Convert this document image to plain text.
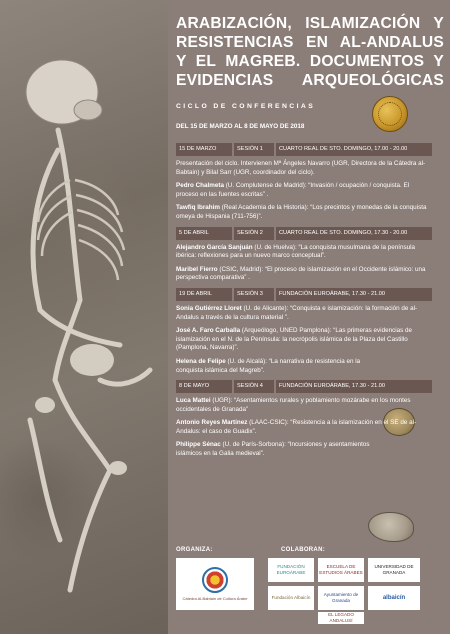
ARABIZACIÓN, ISLAMIZACIÓN Y
RESISTENCIAS EN AL-ANDALUS
Y EL MAGREB. DOCUMENTOS Y
EVIDENCIAS ARQUEOLÓGICAS
CICLO DE CONFERENCIAS
DEL 15 DE MARZO AL 8 DE MAYO DE 2018
15 DE MARZO	SESIÓN 1	CUARTO REAL DE STO. DOMINGO, 17.00 - 20.00

Presentación del ciclo. Intervienen Mª Ángeles Navarro (UGR, Directora de la Cátedra al-Babtain) y Bilal Sarr (UGR, coordinador del ciclo).

Pedro Chalmeta (U. Complutense de Madrid): “Invasión / ocupación / conquista. El proceso en las fuentes escritas” .

Tawfiq Ibrahim (Real Academia de la Historia): “Los precintos y monedas de la conquista omeya de Hispania (711-756)”.

5 DE ABRIL	SESIÓN 2	CUARTO REAL DE STO. DOMINGO, 17.30 - 20.00

Alejandro García Sanjuán (U. de Huelva): “La conquista musulmana de la península ibérica: reflexiones para un nuevo marco conceptual”.

Maribel Fierro (CSIC, Madrid): “El proceso de islamización en el Occidente islámico: una perspectiva comparativa” .

19 DE ABRIL	SESIÓN 3	FUNDACIÓN EUROÁRABE, 17.30 - 21.00

Sonia Gutiérrez Lloret (U. de Alicante): “Conquista e islamización: la formación de al-Andalus a través de la cultura material ”.

José A. Faro Carballa (Arqueólogo, UNED Pamplona): “Las primeras evidencias de islamización en el N. de la Península: la necrópolis islámica de la Plaza del Castillo (Pamplona, Navarra)”.

Helena de Felipe (U. de Alcalá): “La narrativa de resistencia en la conquista islámica del Magreb”.

8 DE MAYO	SESIÓN 4	FUNDACIÓN EUROÁRABE, 17.30 - 21.00

Luca Mattei (UGR): “Asentamientos rurales y poblamiento mozárabe en los montes occidentales de Granada”

Antonio Reyes Martínez (LAAC-CSIC): “Resistencia a la islamización en el SE de al-Andalus: el caso de Guadix”.

Philippe Sénac (U. de París-Sorbona): “Incursiones y asentamientos islámicos en la Galia medieval”.

ORGANIZA:	COLABORAN:
Cátedra Al-Babtain de Cultura Árabe
FUNDACIÓN EUROÁRABE
ESCUELA DE ESTUDIOS ÁRABES
UNIVERSIDAD DE GRANADA
Fundación Albaicín
Ayuntamiento de Granada	albaicín
EL LEGADO ANDALUSÍ
